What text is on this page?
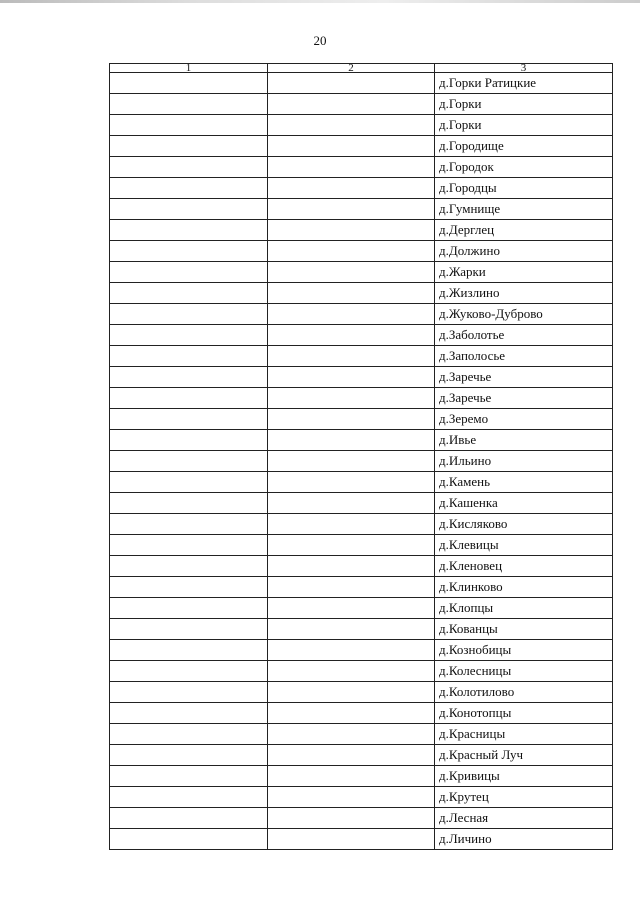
20
1	2	3
		д.Горки Ратицкие
		д.Горки
		д.Горки
		д.Городище
		д.Городок
		д.Городцы
		д.Гумнище
		д.Дерглец
		д.Должино
		д.Жарки
		д.Жизлино
		д.Жуково-Дуброво
		д.Заболотье
		д.Заполосье
		д.Заречье
		д.Заречье
		д.Зеремо
		д.Ивье
		д.Ильино
		д.Камень
		д.Кашенка
		д.Кисляково
		д.Клевицы
		д.Кленовец
		д.Клинково
		д.Клопцы
		д.Кованцы
		д.Кознобицы
		д.Колесницы
		д.Колотилово
		д.Конотопцы
		д.Красницы
		д.Красный Луч
		д.Кривицы
		д.Крутец
		д.Лесная
		д.Личино
